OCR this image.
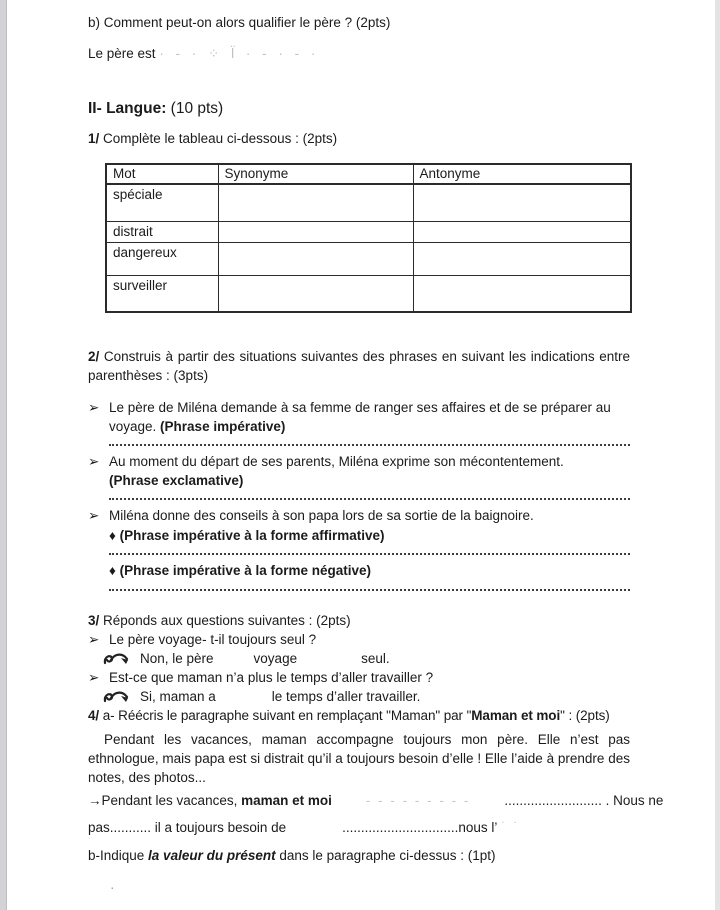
b) Comment peut-on alors qualifier le père ? (2pts)
Le père est · ‐ · ⁘ l̈ · ‐ · ‐ ·
II- Langue: (10 pts)
1/ Complète le tableau ci-dessous : (2pts)
Mot	Synonyme	Antonyme
spéciale		
distrait		
dangereux		
surveiller		
2/ Construis à partir des situations suivantes des phrases en suivant les indications entre parenthèses : (3pts)
➢ Le père de Miléna demande à sa femme de ranger ses affaires et de se préparer au voyage. (Phrase impérative)
➢ Au moment du départ de ses parents, Miléna exprime son mécontentement.
(Phrase exclamative)
➢ Miléna donne des conseils à son papa lors de sa sortie de la baignoire.
♦ (Phrase impérative à la forme affirmative)
♦ (Phrase impérative à la forme négative)
3/ Réponds aux questions suivantes : (2pts)
➢ Le père voyage- t-il toujours seul ?
Non, le père	voyage	seul.
➢ Est-ce que maman n’a plus le temps d’aller travailler ?
Si, maman a	le temps d’aller travailler.
4/ a- Réécris le paragraphe suivant en remplaçant "Maman" par "Maman et moi" : (2pts)
Pendant les vacances, maman accompagne toujours mon père. Elle n’est pas ethnologue, mais papa est si distrait qu’il a toujours besoin d’elle ! Elle l’aide à prendre des notes, des photos...
→Pendant les vacances, maman et moi	‐ ‐ ‐ ‐ ‐ ‐ ‐ ‐ ‐	.......................... . Nous ne
pas........... il a toujours besoin de	...............................nous l’ ˙ ˙
b-Indique la valeur du présent dans le paragraphe ci-dessus : (1pt)
·
